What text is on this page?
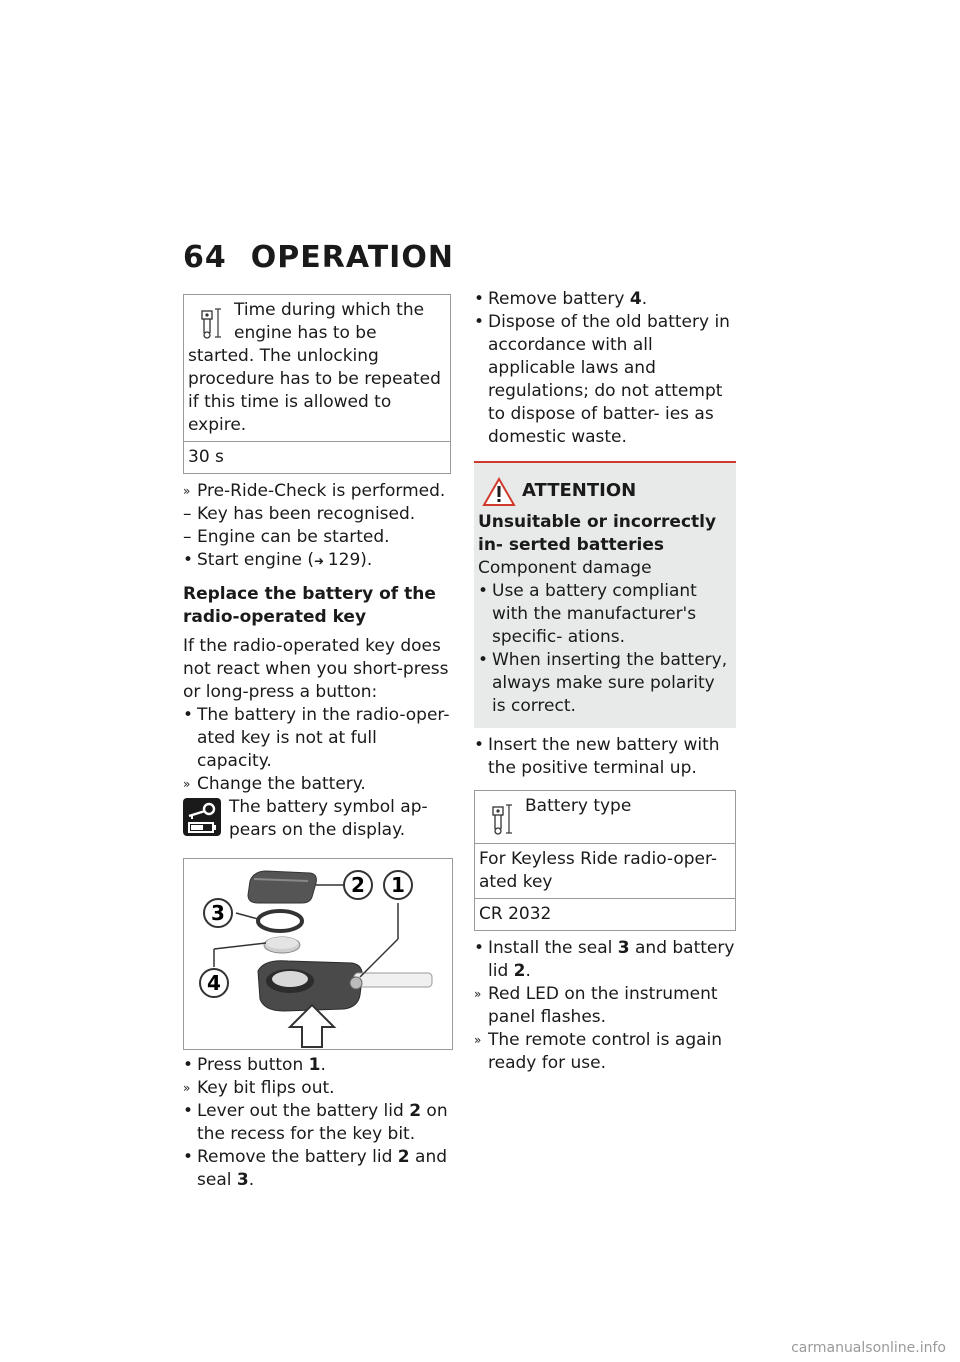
64 OPERATION
Time during which the engine has to be started. The unlocking procedure has to be repeated if this time is allowed to expire.
30 s
» Pre-Ride-Check is performed.
– Key has been recognised.
– Engine can be started.
• Start engine (➜ 129).
Replace the battery of the radio-operated key
If the radio-operated key does not react when you short-press or long-press a button:
• The battery in the radio-oper- ated key is not at full capacity.
» Change the battery.
The battery symbol ap- pears on the display.
2 1
3
4
• Press button 1.
» Key bit flips out.
• Lever out the battery lid 2 on the recess for the key bit.
• Remove the battery lid 2 and seal 3.
• Remove battery 4.
• Dispose of the old battery in accordance with all applicable laws and regulations; do not attempt to dispose of batter- ies as domestic waste.
ATTENTION
Unsuitable or incorrectly in- serted batteries
Component damage
• Use a battery compliant with the manufacturer's specific- ations.
• When inserting the battery, always make sure polarity is correct.
• Insert the new battery with the positive terminal up.
Battery type
For Keyless Ride radio-oper- ated key
CR 2032
• Install the seal 3 and battery lid 2.
» Red LED on the instrument panel flashes.
» The remote control is again ready for use.
carmanualsonline.info
